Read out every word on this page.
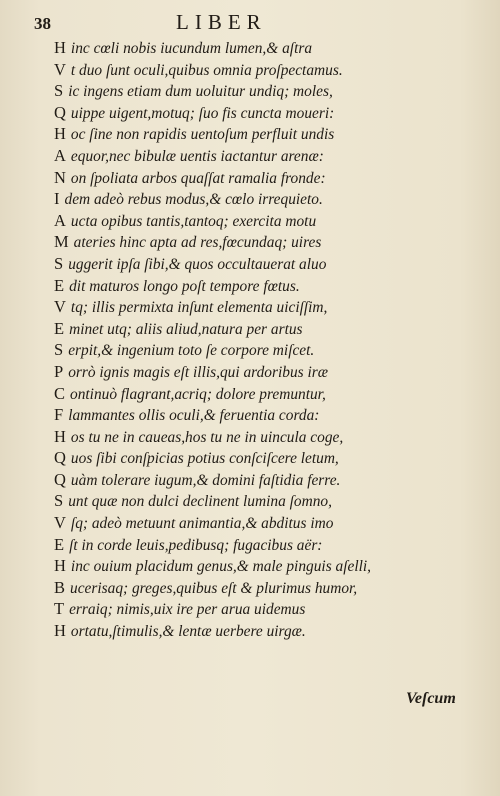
38	LIBER
H inc cœli nobis iucundum lumen,& aſtra
V t duo ſunt oculi,quibus omnia proſpectamus.
S ic ingens etiam dum uoluitur undiq; moles,
Q uippe uigent,motuq; ſuo fis cuncta moueri:
H oc ſine non rapidis uentoſum perfluit undis
A equor,nec bibulæ uentis iactantur arenæ:
N on ſpoliata arbos quaſſat ramalia fronde:
I dem adeò rebus modus,& cœlo irrequieto.
A ucta opibus tantis,tantoq; exercita motu
M ateries hinc apta ad res,fœcundaq; uires
S uggerit ipſa ſibi,& quos occultauerat aluo
E dit maturos longo poſt tempore fœtus.
V tq; illis permixta inſunt elementa uiciſſim,
E minet utq; aliis aliud,natura per artus
S erpit,& ingenium toto ſe corpore miſcet.
P orrò ignis magis eſt illis,qui ardoribus iræ
C ontinuò flagrant,acriq; dolore premuntur,
F lammantes ollis oculi,& feruentia corda:
H os tu ne in caueas,hos tu ne in uincula coge,
Q uos ſibi conſpicias potius conſciſcere letum,
Q uàm tolerare iugum,& domini faſtidia ferre.
S unt quæ non dulci declinent lumina ſomno,
V ſq; adeò metuunt animantia,& abditus imo
E ſt in corde leuis,pedibusq; fugacibus aër:
H inc ouium placidum genus,& male pinguis aſelli,
B ucerisaq; greges,quibus eſt & plurimus humor,
T erraiq; nimis,uix ire per arua uidemus
H ortatu,ſtimulis,& lentæ uerbere uirgæ.
Veſcum
